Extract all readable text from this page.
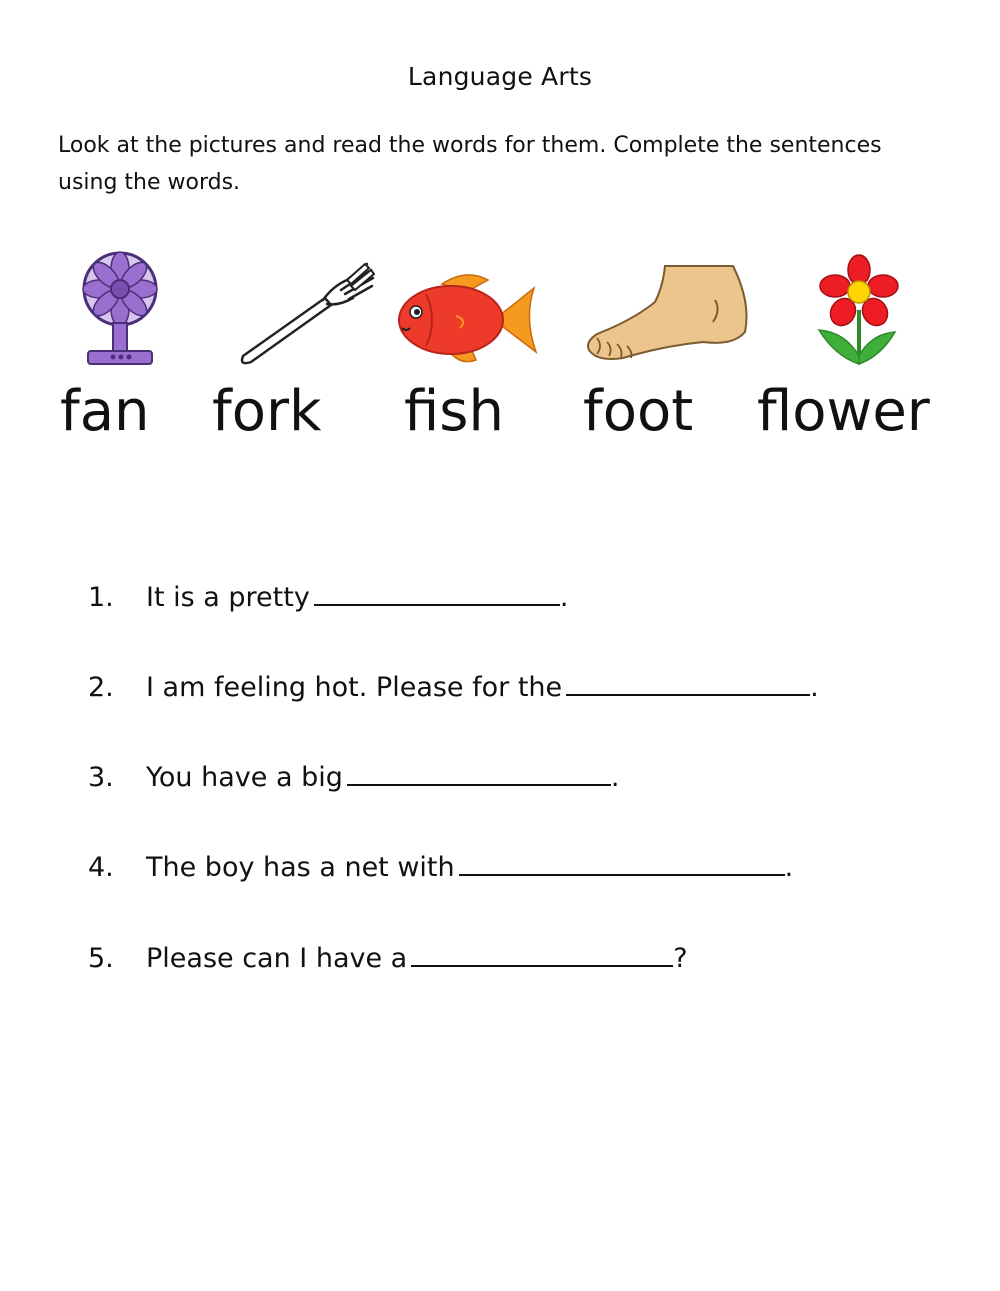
Language Arts
Look at the pictures and read the words for them. Complete the sentences using the words.
fan fork fish foot flower
1. It is a pretty	.
2. I am feeling hot. Please for the	.
3. You have a big	.
4. The boy has a net with	.
5. Please can I have a	?
